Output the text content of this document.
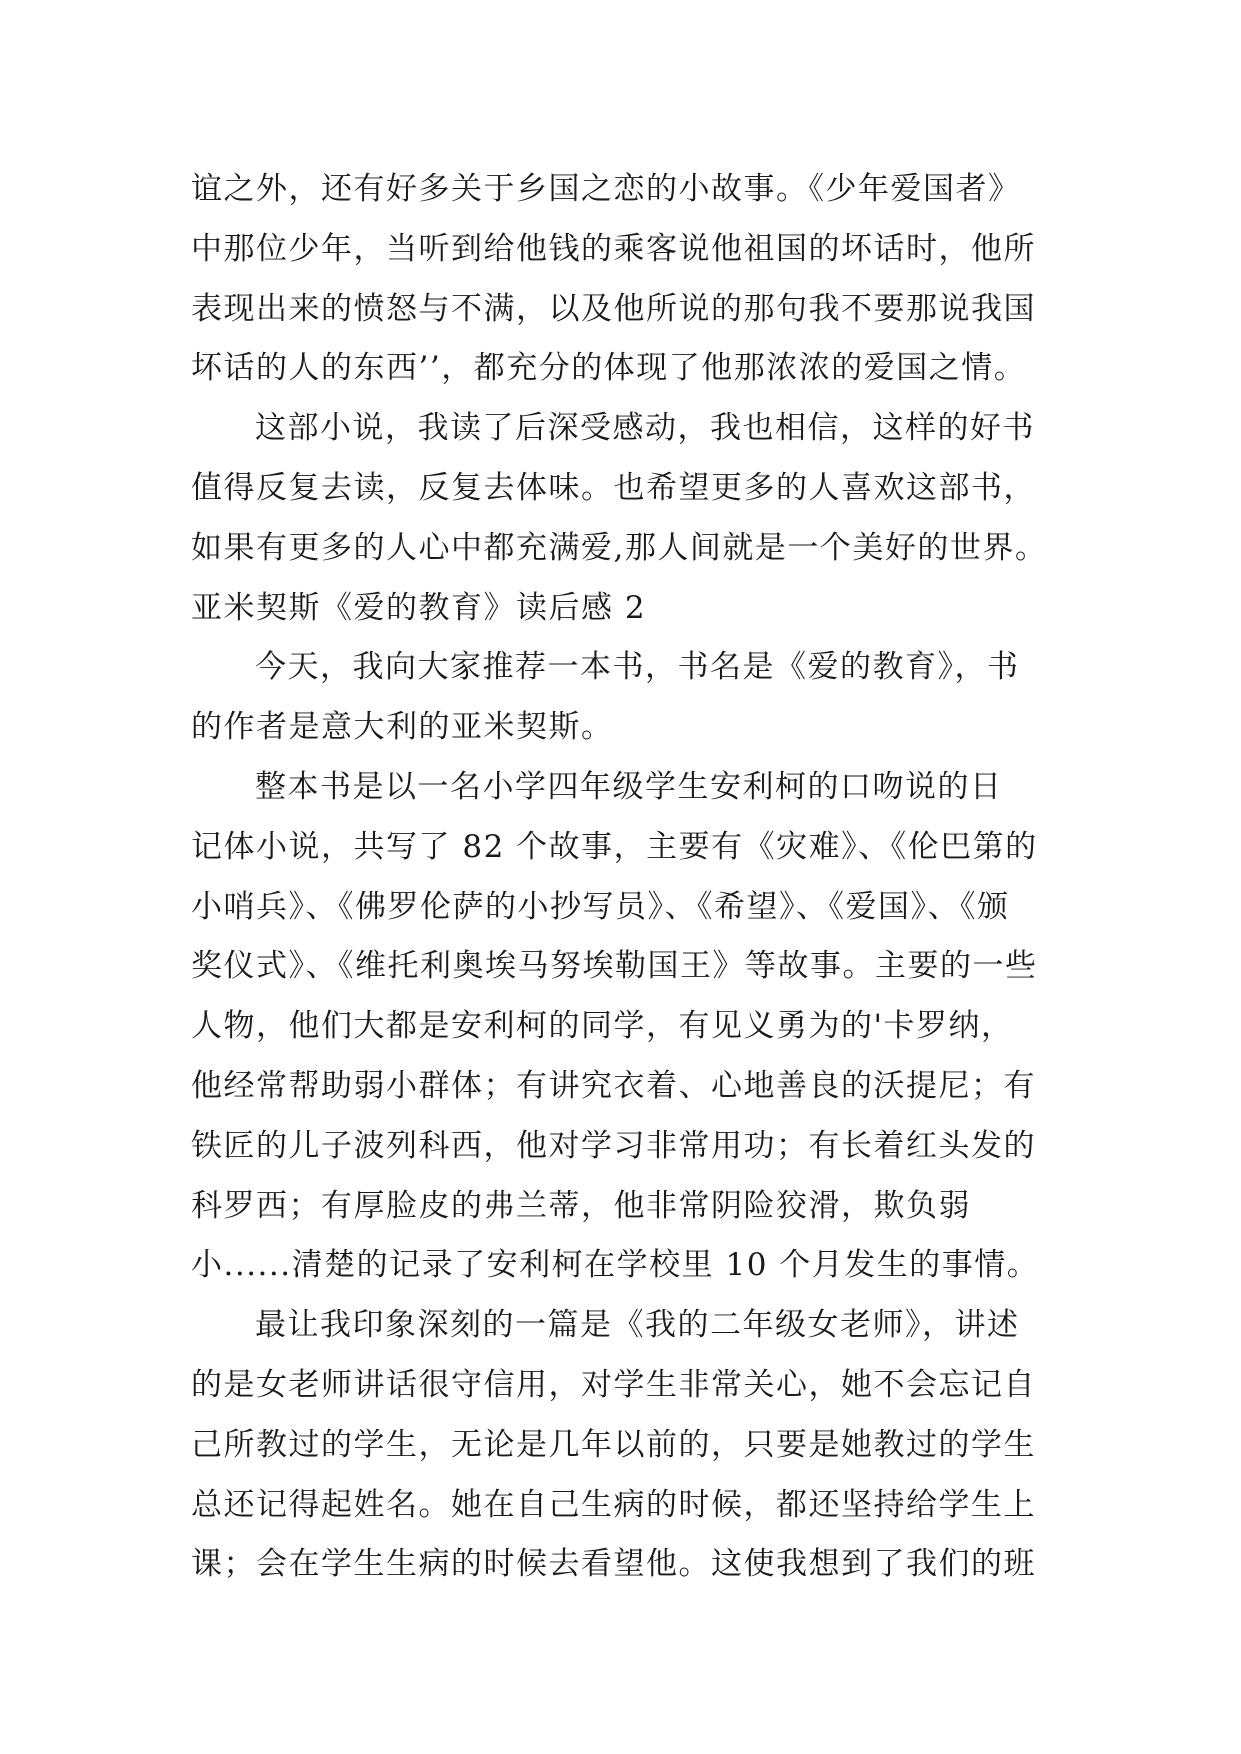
谊之外，还有好多关于乡国之恋的小故事。《少年爱国者》
中那位少年，当听到给他钱的乘客说他祖国的坏话时，他所
表现出来的愤怒与不满，以及他所说的那句我不要那说我国
坏话的人的东西’’，都充分的体现了他那浓浓的爱国之情。
这部小说，我读了后深受感动，我也相信，这样的好书
值得反复去读，反复去体味。也希望更多的人喜欢这部书，
如果有更多的人心中都充满爱,那人间就是一个美好的世界。
亚米契斯《爱的教育》读后感 2
今天，我向大家推荐一本书，书名是《爱的教育》，书
的作者是意大利的亚米契斯。
整本书是以一名小学四年级学生安利柯的口吻说的日
记体小说，共写了 82 个故事，主要有《灾难》、《伦巴第的
小哨兵》、《佛罗伦萨的小抄写员》、《希望》、《爱国》、《颁
奖仪式》、《维托利奥埃马努埃勒国王》等故事。主要的一些
人物，他们大都是安利柯的同学，有见义勇为的'卡罗纳，
他经常帮助弱小群体；有讲究衣着、心地善良的沃提尼；有
铁匠的儿子波列科西，他对学习非常用功；有长着红头发的
科罗西；有厚脸皮的弗兰蒂，他非常阴险狡滑，欺负弱
小......清楚的记录了安利柯在学校里 10 个月发生的事情。
最让我印象深刻的一篇是《我的二年级女老师》，讲述
的是女老师讲话很守信用，对学生非常关心，她不会忘记自
己所教过的学生，无论是几年以前的，只要是她教过的学生
总还记得起姓名。她在自己生病的时候，都还坚持给学生上
课；会在学生生病的时候去看望他。这使我想到了我们的班
